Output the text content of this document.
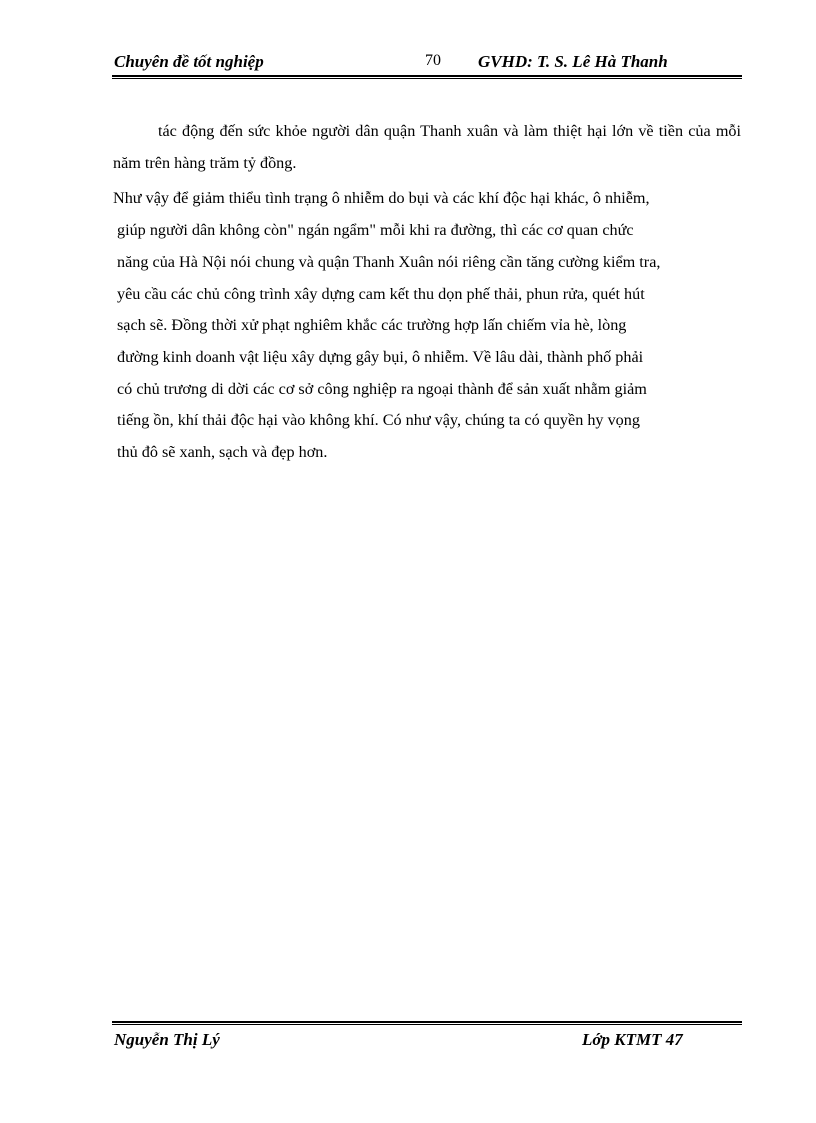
Chuyên đề tốt nghiệp	70 GVHD: T. S. Lê Hà Thanh

tác động đến sức khỏe người dân quận Thanh xuân và làm thiệt hại lớn về tiền của mỗi năm trên hàng trăm tỷ đồng.

Như vậy để giảm thiểu tình trạng ô nhiễm do bụi và các khí độc hại khác, ô nhiễm,
giúp người dân không còn" ngán ngẩm" mỗi khi ra đường, thì các cơ quan chức
năng của Hà Nội nói chung và quận Thanh Xuân nói riêng cần tăng cường kiểm tra,
yêu cầu các chủ công trình xây dựng cam kết thu dọn phế thải, phun rửa, quét hút
sạch sẽ. Đồng thời xử phạt nghiêm khắc các trường hợp lấn chiếm vỉa hè, lòng
đường kinh doanh vật liệu xây dựng gây bụi, ô nhiễm. Về lâu dài, thành phố phải
có chủ trương di dời các cơ sở công nghiệp ra ngoại thành để sản xuất nhằm giảm
tiếng ồn, khí thải độc hại vào không khí. Có như vậy, chúng ta có quyền hy vọng
thủ đô sẽ xanh, sạch và đẹp hơn.

Nguyễn Thị Lý	Lớp KTMT 47
